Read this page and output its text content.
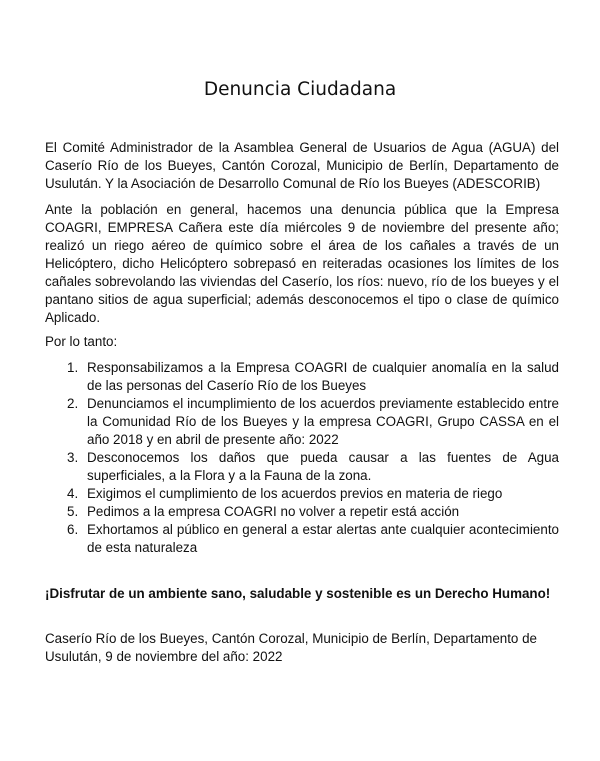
Denuncia Ciudadana

El Comité Administrador de la Asamblea General de Usuarios de Agua (AGUA) del Caserío Río de los Bueyes, Cantón Corozal, Municipio de Berlín, Departamento de Usulután. Y la Asociación de Desarrollo Comunal de Río los Bueyes (ADESCORIB)

Ante la población en general, hacemos una denuncia pública que la Empresa COAGRI, EMPRESA Cañera este día miércoles 9 de noviembre del presente año; realizó un riego aéreo de químico sobre el área de los cañales a través de un Helicóptero, dicho Helicóptero sobrepasó en reiteradas ocasiones los límites de los cañales sobrevolando las viviendas del Caserío, los ríos: nuevo, río de los bueyes y el pantano sitios de agua superficial; además desconocemos el tipo o clase de químico Aplicado.

Por lo tanto:

1. Responsabilizamos a la Empresa COAGRI de cualquier anomalía en la salud de las personas del Caserío Río de los Bueyes
2. Denunciamos el incumplimiento de los acuerdos previamente establecido entre la Comunidad Río de los Bueyes y la empresa COAGRI, Grupo CASSA en el año 2018 y en abril de presente año: 2022
3. Desconocemos los daños que pueda causar a las fuentes de Agua superficiales, a la Flora y a la Fauna de la zona.
4. Exigimos el cumplimiento de los acuerdos previos en materia de riego
5. Pedimos a la empresa COAGRI no volver a repetir está acción
6. Exhortamos al público en general a estar alertas ante cualquier acontecimiento de esta naturaleza

¡Disfrutar de un ambiente sano, saludable y sostenible es un Derecho Humano!

Caserío Río de los Bueyes, Cantón Corozal, Municipio de Berlín, Departamento de Usulután, 9 de noviembre del año: 2022
